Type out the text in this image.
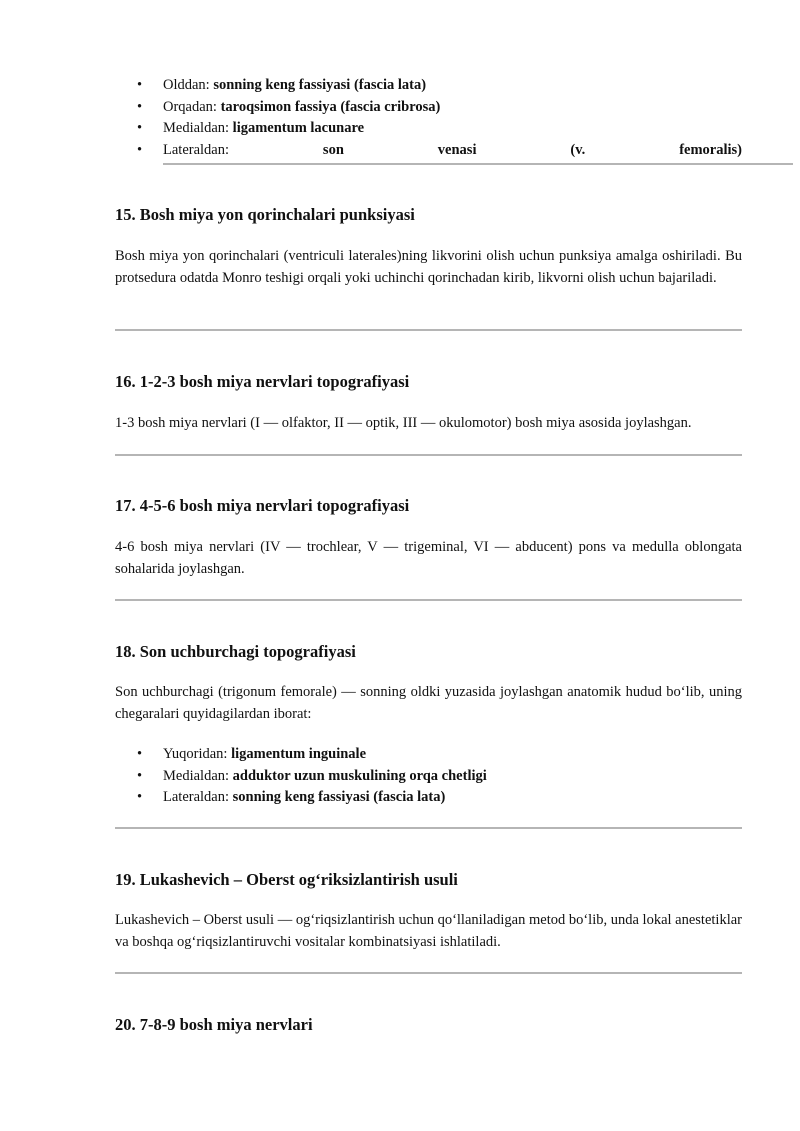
• Olddan: sonning keng fassiyasi (fascia lata)
• Orqadan: taroqsimon fassiya (fascia cribrosa)
• Medialdan: ligamentum lacunare
• Lateraldan:	son	venasi	(v.	femoralis)
15. Bosh miya yon qorinchalari punksiyasi

Bosh miya yon qorinchalari (ventriculi laterales)ning likvorini olish uchun punksiya amalga oshiriladi. Bu protsedura odatda Monro teshigi orqali yoki uchinchi qorinchadan kirib, likvorni olish uchun bajariladi.

16. 1-2-3 bosh miya nervlari topografiyasi

1-3 bosh miya nervlari (I — olfaktor, II — optik, III — okulomotor) bosh miya asosida joylashgan.

17. 4-5-6 bosh miya nervlari topografiyasi

4-6 bosh miya nervlari (IV — trochlear, V — trigeminal, VI — abducent) pons va medulla oblongata sohalarida joylashgan.

18. Son uchburchagi topografiyasi

Son uchburchagi (trigonum femorale) — sonning oldki yuzasida joylashgan anatomik hudud bo‘lib, uning chegaralari quyidagilardan iborat:

• Yuqoridan: ligamentum inguinale
• Medialdan: adduktor uzun muskulining orqa chetligi
• Lateraldan: sonning keng fassiyasi (fascia lata)
19. Lukashevich – Oberst og‘riksizlantirish usuli

Lukashevich – Oberst usuli — og‘riqsizlantirish uchun qo‘llaniladigan metod bo‘lib, unda lokal anestetiklar va boshqa og‘riqsizlantiruvchi vositalar kombinatsiyasi ishlatiladi.

20. 7-8-9 bosh miya nervlari
